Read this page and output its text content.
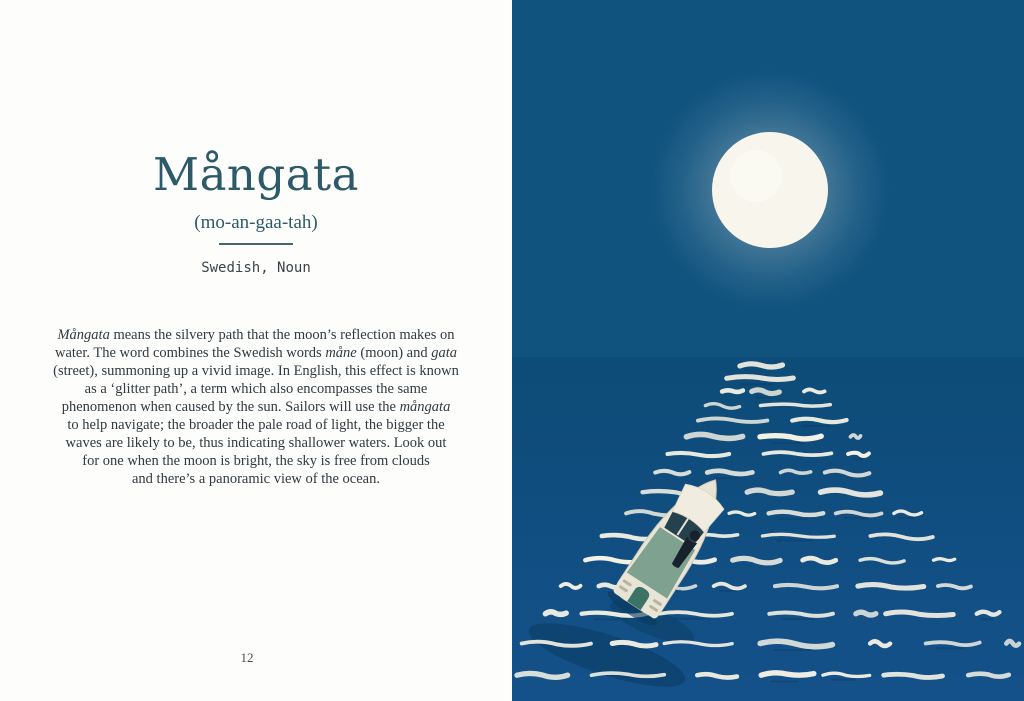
Mångata
(mo-an-gaa-tah)
Swedish, Noun
Mångata means the silvery path that the moon’s reflection makes on
water. The word combines the Swedish words måne (moon) and gata
(street), summoning up a vivid image. In English, this effect is known
as a ‘glitter path’, a term which also encompasses the same
phenomenon when caused by the sun. Sailors will use the mångata
to help navigate; the broader the pale road of light, the bigger the
waves are likely to be, thus indicating shallower waters. Look out
for one when the moon is bright, the sky is free from clouds
and there’s a panoramic view of the ocean.
12
